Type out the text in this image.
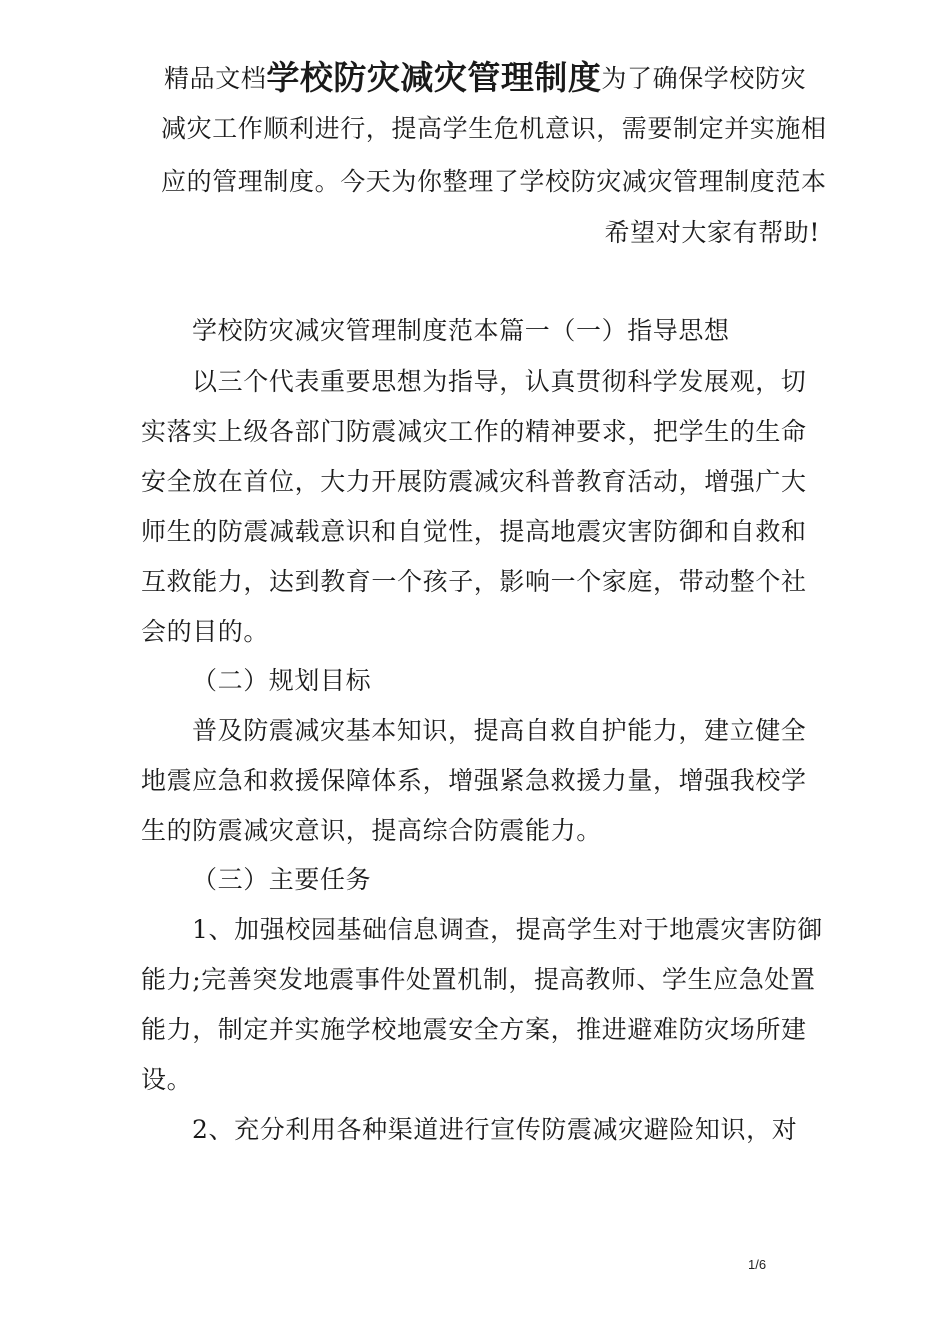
精品文档学校防灾减灾管理制度为了确保学校防灾
减灾工作顺利进行，提高学生危机意识，需要制定并实施相
应的管理制度。今天为你整理了学校防灾减灾管理制度范本
希望对大家有帮助!
学校防灾减灾管理制度范本篇一（一）指导思想
以三个代表重要思想为指导，认真贯彻科学发展观，切
实落实上级各部门防震减灾工作的精神要求，把学生的生命
安全放在首位，大力开展防震减灾科普教育活动，增强广大
师生的防震减载意识和自觉性，提高地震灾害防御和自救和
互救能力，达到教育一个孩子，影响一个家庭，带动整个社
会的目的。
（二）规划目标
普及防震减灾基本知识，提高自救自护能力，建立健全
地震应急和救援保障体系，增强紧急救援力量，增强我校学
生的防震减灾意识，提高综合防震能力。
（三）主要任务
1、加强校园基础信息调查，提高学生对于地震灾害防御
能力;完善突发地震事件处置机制，提高教师、学生应急处置
能力，制定并实施学校地震安全方案，推进避难防灾场所建
设。
2、充分利用各种渠道进行宣传防震减灾避险知识，对
1/6
